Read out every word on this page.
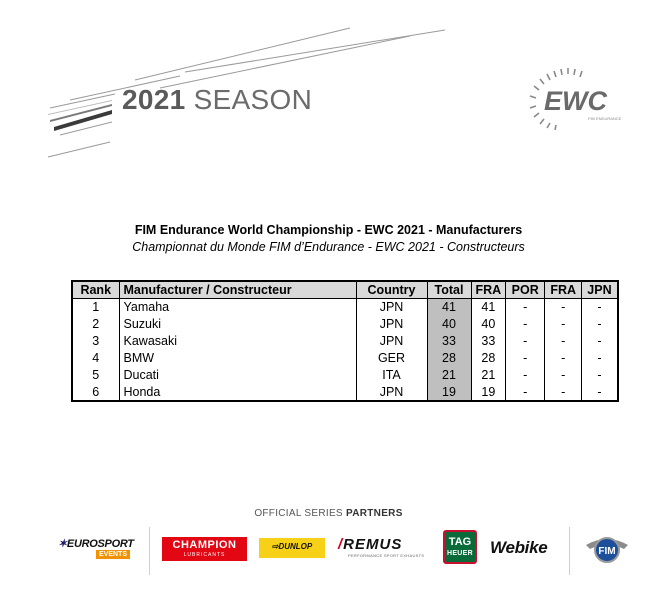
2021 SEASON	EWC
FIM ENDURANCE
FIM Endurance World Championship - EWC 2021 - Manufacturers
Championnat du Monde FIM d’Endurance - EWC 2021 - Constructeurs
Rank	Manufacturer / Constructeur	Country	Total	FRA	POR	FRA	JPN
1	Yamaha	JPN	41	41	-	-	-
2	Suzuki	JPN	40	40	-	-	-
3	Kawasaki	JPN	33	33	-	-	-
4	BMW	GER	28	28	-	-	-
5	Ducati	ITA	21	21	-	-	-
6	Honda	JPN	19	19	-	-	-
OFFICIAL SERIES PARTNERS
✶EUROSPORT
EVENTS
CHAMPION
LUBRICANTS
⇨DUNLOP	/REMUS
PERFORMANCE SPORT EXHAUSTS
TAG
HEUER Webike	FIM
